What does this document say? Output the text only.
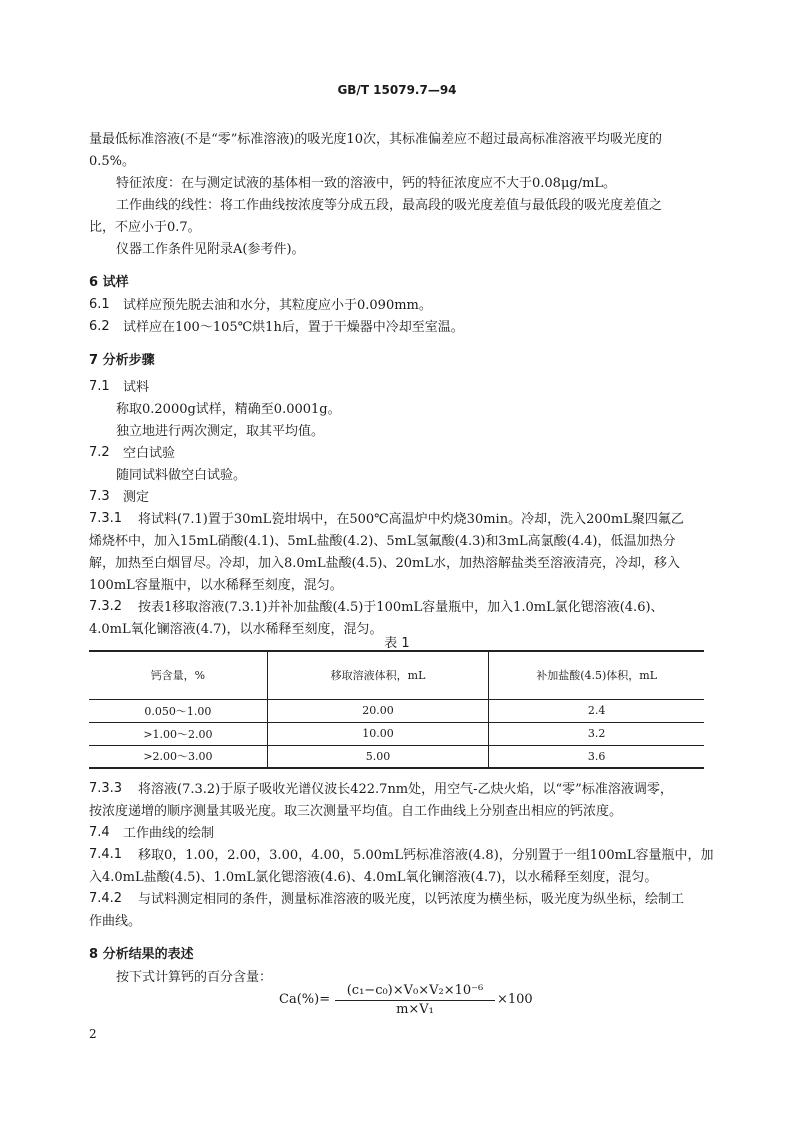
GB/T 15079.7—94
量最低标准溶液(不是“零”标准溶液)的吸光度10次，其标准偏差应不超过最高标准溶液平均吸光度的
0.5%。
特征浓度：在与测定试液的基体相一致的溶液中，钙的特征浓度应不大于0.08μg/mL。
工作曲线的线性：将工作曲线按浓度等分成五段，最高段的吸光度差值与最低段的吸光度差值之
比，不应小于0.7。
仪器工作条件见附录A(参考件)。
6 试样
6.1 试样应预先脱去油和水分，其粒度应小于0.090mm。
6.2 试样应在100～105℃烘1h后，置于干燥器中冷却至室温。
7 分析步骤
7.1 试料
称取0.2000g试样，精确至0.0001g。
独立地进行两次测定，取其平均值。
7.2 空白试验
随同试料做空白试验。
7.3 测定
7.3.1 将试料(7.1)置于30mL瓷坩埚中，在500℃高温炉中灼烧30min。冷却，洗入200mL聚四氟乙
烯烧杯中，加入15mL硝酸(4.1)、5mL盐酸(4.2)、5mL氢氟酸(4.3)和3mL高氯酸(4.4)，低温加热分
解，加热至白烟冒尽。冷却，加入8.0mL盐酸(4.5)、20mL水，加热溶解盐类至溶液清亮，冷却，移入
100mL容量瓶中，以水稀释至刻度，混匀。
7.3.2 按表1移取溶液(7.3.1)并补加盐酸(4.5)于100mL容量瓶中，加入1.0mL氯化锶溶液(4.6)、
4.0mL氧化镧溶液(4.7)，以水稀释至刻度，混匀。
表 1
钙含量，%	移取溶液体积，mL	补加盐酸(4.5)体积，mL
0.050～1.00	20.00	2.4
>1.00～2.00	10.00	3.2
>2.00～3.00	5.00	3.6
7.3.3 将溶液(7.3.2)于原子吸收光谱仪波长422.7nm处，用空气-乙炔火焰，以“零”标准溶液调零，
按浓度递增的顺序测量其吸光度。取三次测量平均值。自工作曲线上分别查出相应的钙浓度。
7.4 工作曲线的绘制
7.4.1 移取0，1.00，2.00，3.00，4.00，5.00mL钙标准溶液(4.8)，分别置于一组100mL容量瓶中，加
入4.0mL盐酸(4.5)、1.0mL氯化锶溶液(4.6)、4.0mL氧化镧溶液(4.7)，以水稀释至刻度，混匀。
7.4.2 与试料测定相同的条件，测量标准溶液的吸光度，以钙浓度为横坐标，吸光度为纵坐标，绘制工
作曲线。
8 分析结果的表述
按下式计算钙的百分含量：
$Ca(\%)= \frac{\text{(c₁−c₀)×V₀×V₂×10⁻⁶}}{\text{m×V₁}} \times 100$
2
